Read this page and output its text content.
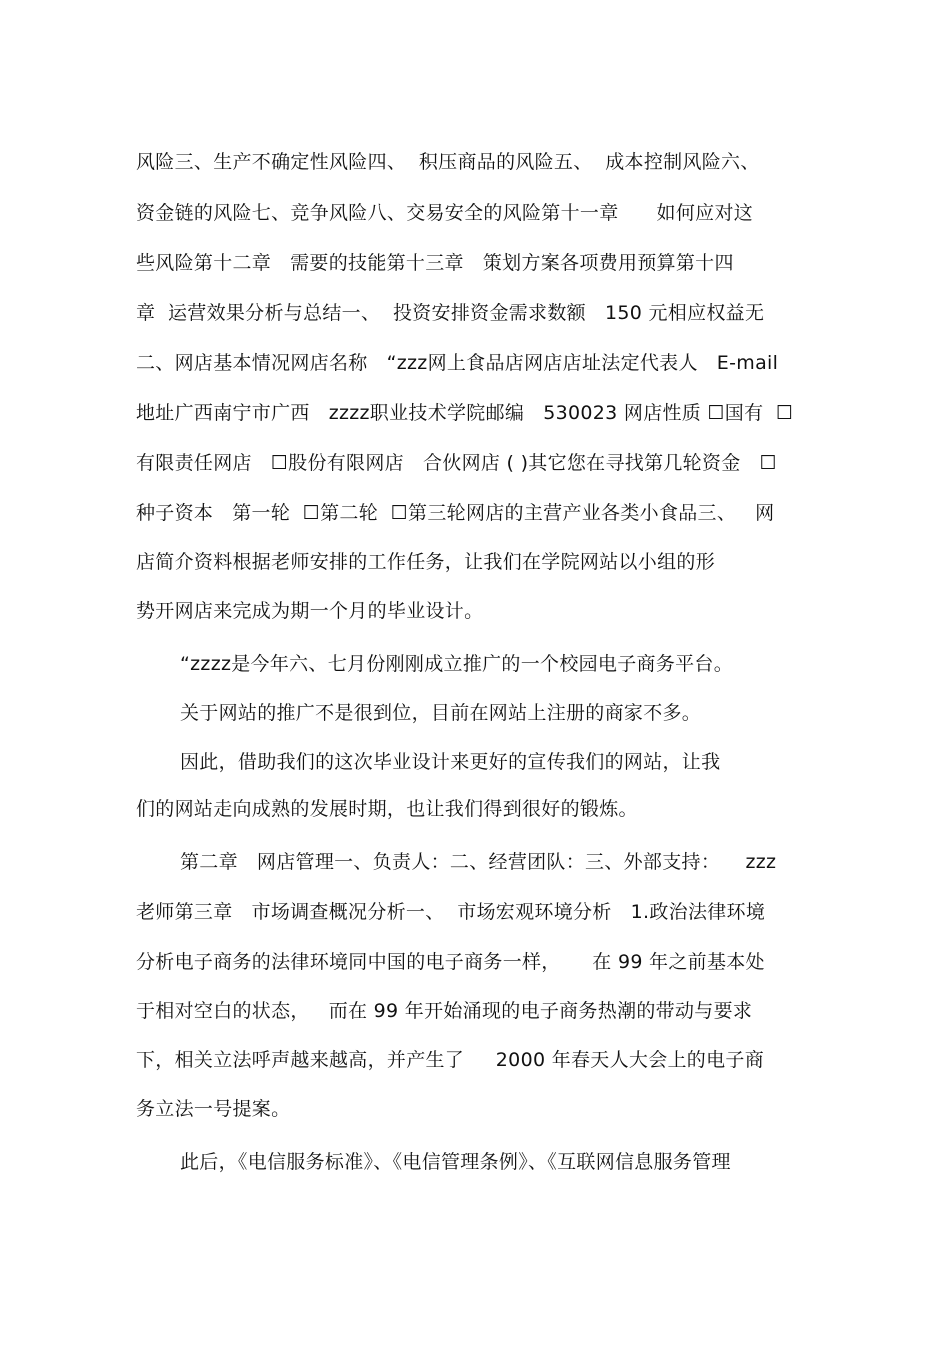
风险三、生产不确定性风险四、  积压商品的风险五、  成本控制风险六、
资金链的风险七、竞争风险八、交易安全的风险第十一章      如何应对这
些风险第十二章   需要的技能第十三章   策划方案各项费用预算第十四
章  运营效果分析与总结一、  投资安排资金需求数额   150 元相应权益无
二、网店基本情况网店名称   “zzz网上食品店网店店址法定代表人   E-mail
地址广西南宁市广西   zzzz职业技术学院邮编   530023 网店性质 ☐国有  ☐
有限责任网店   ☐股份有限网店   合伙网店 ( )其它您在寻找第几轮资金   ☐
种子资本   第一轮  ☐第二轮  ☐第三轮网店的主营产业各类小食品三、   网
店简介资料根据老师安排的工作任务，让我们在学院网站以小组的形
势开网店来完成为期一个月的毕业设计。
“zzzz是今年六、七月份刚刚成立推广的一个校园电子商务平台。
关于网站的推广不是很到位，目前在网站上注册的商家不多。
因此，借助我们的这次毕业设计来更好的宣传我们的网站，让我
们的网站走向成熟的发展时期，也让我们得到很好的锻炼。
第二章   网店管理一、负责人：二、经营团队：三、外部支持：    zzz
老师第三章   市场调查概况分析一、  市场宏观环境分析   1.政治法律环境
分析电子商务的法律环境同中国的电子商务一样，     在 99 年之前基本处
于相对空白的状态，   而在 99 年开始涌现的电子商务热潮的带动与要求
下，相关立法呼声越来越高，并产生了     2000 年春天人大会上的电子商
务立法一号提案。
此后，《电信服务标准》、《电信管理条例》、《互联网信息服务管理
